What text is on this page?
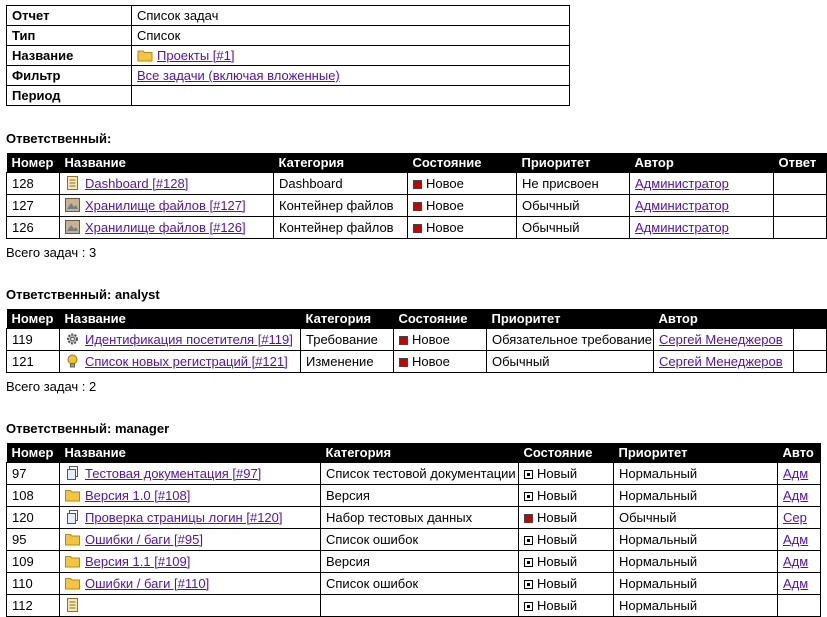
Отчет	Список задач
Тип	Список
Название	Проекты [#1]
Фильтр	Все задачи (включая вложенные)
Период	
Ответственный:
Номер	Название	Категория	Состояние	Приоритет	Автор	Ответ
128	Dashboard [#128]	Dashboard	Новое	Не присвоен	Администратор	
127	Хранилище файлов [#127]	Контейнер файлов	Новое	Обычный	Администратор	
126	Хранилище файлов [#126]	Контейнер файлов	Новое	Обычный	Администратор	
Всего задач : 3
Ответственный: analyst
Номер	Название	Категория	Состояние	Приоритет	Автор	
119	Идентификация посетителя [#119]	Требование	Новое	Обязательное требование	Сергей Менеджеров	
121	Список новых регистраций [#121]	Изменение	Новое	Обычный	Сергей Менеджеров	
Всего задач : 2
Ответственный: manager
Номер	Название	Категория	Состояние	Приоритет	Авто
97	Тестовая документация [#97]	Список тестовой документации	Новый	Нормальный	Адм
108	Версия 1.0 [#108]	Версия	Новый	Нормальный	Адм
120	Проверка страницы логин [#120]	Набор тестовых данных	Новый	Обычный	Сер
95	Ошибки / баги [#95]	Список ошибок	Новый	Нормальный	Адм
109	Версия 1.1 [#109]	Версия	Новый	Нормальный	Адм
110	Ошибки / баги [#110]	Список ошибок	Новый	Нормальный	Адм
112			Новый	Нормальный	
